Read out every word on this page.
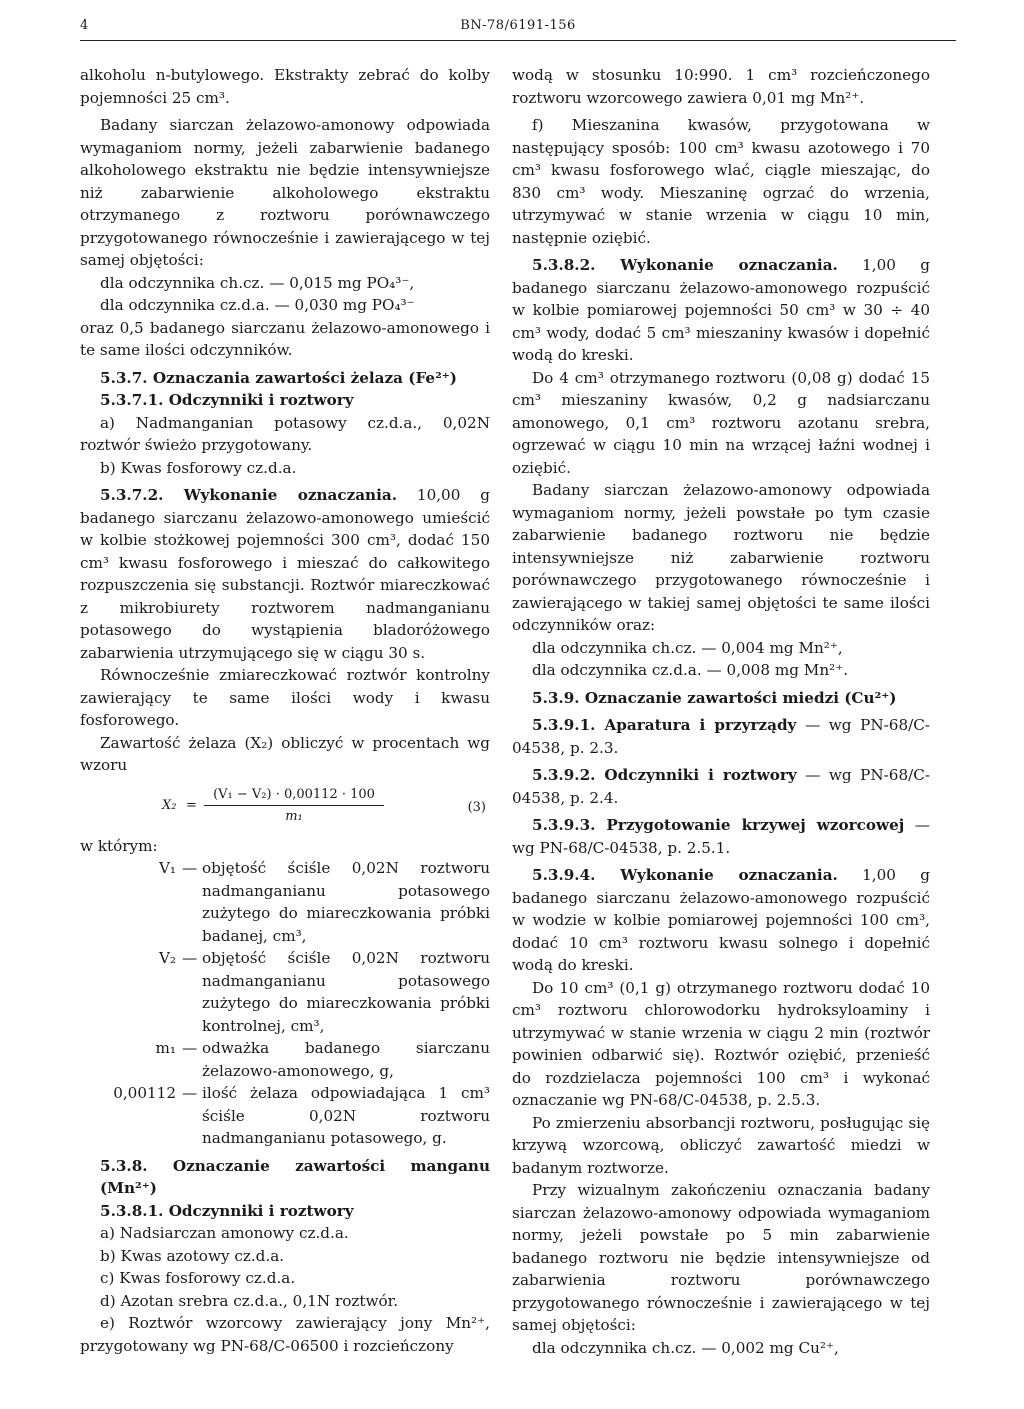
4	BN-78/6191-156

alkoholu n-butylowego. Ekstrakty zebrać do kolby pojemności 25 cm³.

Badany siarczan żelazowo-amonowy odpowiada wymaganiom normy, jeżeli zabarwienie badanego alkoholowego ekstraktu nie będzie intensywniejsze niż zabarwienie alkoholowego ekstraktu otrzymanego z roztworu porównawczego przygotowanego równocześnie i zawierającego w tej samej objętości:

dla odczynnika ch.cz. — 0,015 mg PO₄³⁻,

dla odczynnika cz.d.a. — 0,030 mg PO₄³⁻

oraz 0,5 badanego siarczanu żelazowo-amonowego i te same ilości odczynników.

5.3.7. Oznaczania zawartości żelaza (Fe²⁺)

5.3.7.1. Odczynniki i roztwory

a) Nadmanganian potasowy cz.d.a., 0,02N roztwór świeżo przygotowany.

b) Kwas fosforowy cz.d.a.

5.3.7.2. Wykonanie oznaczania. 10,00 g badanego siarczanu żelazowo-amonowego umieścić w kolbie stożkowej pojemności 300 cm³, dodać 150 cm³ kwasu fosforowego i mieszać do całkowitego rozpuszczenia się substancji. Roztwór miareczkować z mikrobiurety roztworem nadmanganianu potasowego do wystąpienia bladoróżowego zabarwienia utrzymującego się w ciągu 30 s.

Równocześnie zmiareczkować roztwór kontrolny zawierający te same ilości wody i kwasu fosforowego.

Zawartość żelaza (X₂) obliczyć w procentach wg wzoru

X₂ =
(V₁ − V₂) · 0,00112 · 100
m₁
(3)

w którym:

V₁ — objętość ściśle 0,02N roztworu nadmanganianu potasowego zużytego do miareczkowania próbki badanej, cm³,
V₂ — objętość ściśle 0,02N roztworu nadmanganianu potasowego zużytego do miareczkowania próbki kontrolnej, cm³,
m₁ — odważka badanego siarczanu żelazowo-amonowego, g,
0,00112 — ilość żelaza odpowiadająca 1 cm³ ściśle 0,02N roztworu nadmanganianu potasowego, g.

5.3.8. Oznaczanie zawartości manganu (Mn²⁺)

5.3.8.1. Odczynniki i roztwory

a) Nadsiarczan amonowy cz.d.a.

b) Kwas azotowy cz.d.a.

c) Kwas fosforowy cz.d.a.

d) Azotan srebra cz.d.a., 0,1N roztwór.

e) Roztwór wzorcowy zawierający jony Mn²⁺, przygotowany wg PN-68/C-06500 i rozcieńczony

wodą w stosunku 10:990. 1 cm³ rozcieńczonego roztworu wzorcowego zawiera 0,01 mg Mn²⁺.

f) Mieszanina kwasów, przygotowana w następujący sposób: 100 cm³ kwasu azotowego i 70 cm³ kwasu fosforowego wlać, ciągle mieszając, do 830 cm³ wody. Mieszaninę ogrzać do wrzenia, utrzymywać w stanie wrzenia w ciągu 10 min, następnie oziębić.

5.3.8.2. Wykonanie oznaczania. 1,00 g badanego siarczanu żelazowo-amonowego rozpuścić w kolbie pomiarowej pojemności 50 cm³ w 30 ÷ 40 cm³ wody, dodać 5 cm³ mieszaniny kwasów i dopełnić wodą do kreski.

Do 4 cm³ otrzymanego roztworu (0,08 g) dodać 15 cm³ mieszaniny kwasów, 0,2 g nadsiarczanu amonowego, 0,1 cm³ roztworu azotanu srebra, ogrzewać w ciągu 10 min na wrzącej łaźni wodnej i oziębić.

Badany siarczan żelazowo-amonowy odpowiada wymaganiom normy, jeżeli powstałe po tym czasie zabarwienie badanego roztworu nie będzie intensywniejsze niż zabarwienie roztworu porównawczego przygotowanego równocześnie i zawierającego w takiej samej objętości te same ilości odczynników oraz:

dla odczynnika ch.cz. — 0,004 mg Mn²⁺,

dla odczynnika cz.d.a. — 0,008 mg Mn²⁺.

5.3.9. Oznaczanie zawartości miedzi (Cu²⁺)

5.3.9.1. Aparatura i przyrządy — wg PN-68/C-04538, p. 2.3.

5.3.9.2. Odczynniki i roztwory — wg PN-68/C-04538, p. 2.4.

5.3.9.3. Przygotowanie krzywej wzorcowej — wg PN-68/C-04538, p. 2.5.1.

5.3.9.4. Wykonanie oznaczania. 1,00 g badanego siarczanu żelazowo-amonowego rozpuścić w wodzie w kolbie pomiarowej pojemności 100 cm³, dodać 10 cm³ roztworu kwasu solnego i dopełnić wodą do kreski.

Do 10 cm³ (0,1 g) otrzymanego roztworu dodać 10 cm³ roztworu chlorowodorku hydroksyloaminy i utrzymywać w stanie wrzenia w ciągu 2 min (roztwór powinien odbarwić się). Roztwór oziębić, przenieść do rozdzielacza pojemności 100 cm³ i wykonać oznaczanie wg PN-68/C-04538, p. 2.5.3.

Po zmierzeniu absorbancji roztworu, posługując się krzywą wzorcową, obliczyć zawartość miedzi w badanym roztworze.

Przy wizualnym zakończeniu oznaczania badany siarczan żelazowo-amonowy odpowiada wymaganiom normy, jeżeli powstałe po 5 min zabarwienie badanego roztworu nie będzie intensywniejsze od zabarwienia roztworu porównawczego przygotowanego równocześnie i zawierającego w tej samej objętości:

dla odczynnika ch.cz. — 0,002 mg Cu²⁺,
